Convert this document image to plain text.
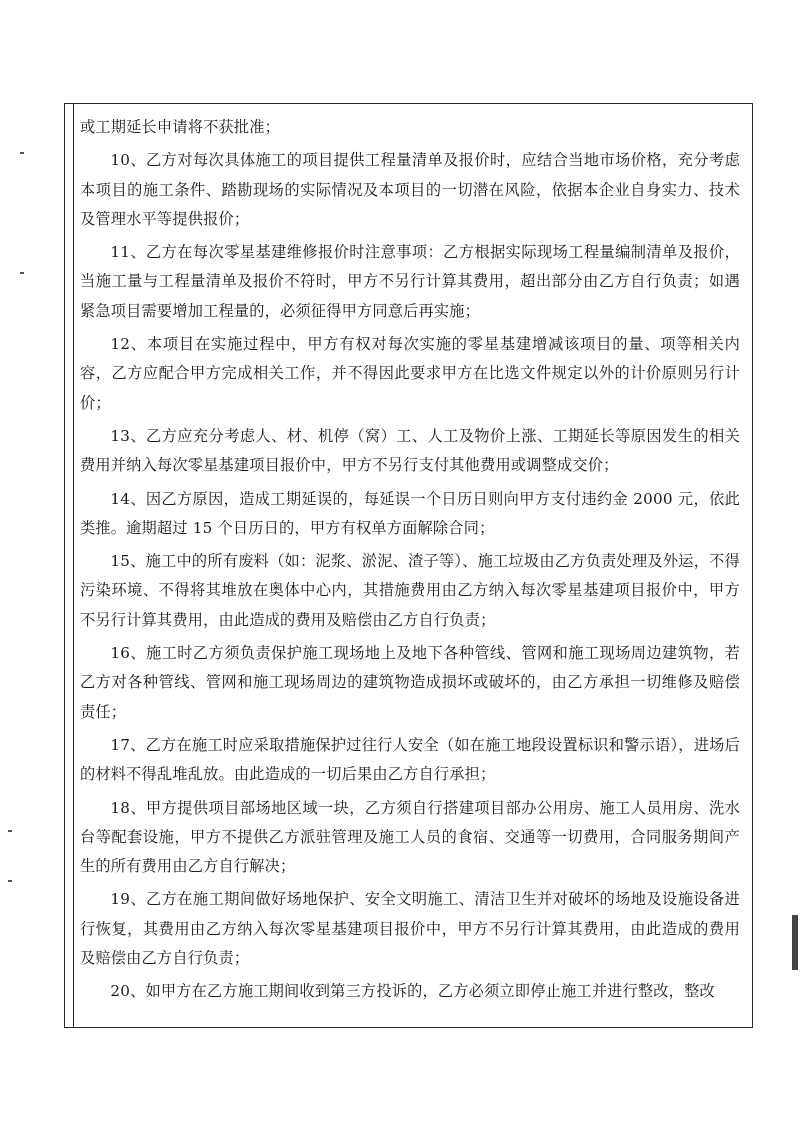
或工期延长申请将不获批准；

10、乙方对每次具体施工的项目提供工程量清单及报价时，应结合当地市场价格，充分考虑本项目的施工条件、踏勘现场的实际情况及本项目的一切潜在风险，依据本企业自身实力、技术及管理水平等提供报价；

11、乙方在每次零星基建维修报价时注意事项：乙方根据实际现场工程量编制清单及报价，当施工量与工程量清单及报价不符时，甲方不另行计算其费用，超出部分由乙方自行负责；如遇紧急项目需要增加工程量的，必须征得甲方同意后再实施；

12、本项目在实施过程中，甲方有权对每次实施的零星基建增减该项目的量、项等相关内容，乙方应配合甲方完成相关工作，并不得因此要求甲方在比选文件规定以外的计价原则另行计价；

13、乙方应充分考虑人、材、机停（窝）工、人工及物价上涨、工期延长等原因发生的相关费用并纳入每次零星基建项目报价中，甲方不另行支付其他费用或调整成交价；

14、因乙方原因，造成工期延误的，每延误一个日历日则向甲方支付违约金 2000 元，依此类推。逾期超过 15 个日历日的，甲方有权单方面解除合同；

15、施工中的所有废料（如：泥浆、淤泥、渣子等）、施工垃圾由乙方负责处理及外运，不得污染环境、不得将其堆放在奥体中心内，其措施费用由乙方纳入每次零星基建项目报价中，甲方不另行计算其费用，由此造成的费用及赔偿由乙方自行负责；

16、施工时乙方须负责保护施工现场地上及地下各种管线、管网和施工现场周边建筑物，若乙方对各种管线、管网和施工现场周边的建筑物造成损坏或破坏的，由乙方承担一切维修及赔偿责任；

17、乙方在施工时应采取措施保护过往行人安全（如在施工地段设置标识和警示语），进场后的材料不得乱堆乱放。由此造成的一切后果由乙方自行承担；

18、甲方提供项目部场地区域一块，乙方须自行搭建项目部办公用房、施工人员用房、洗水台等配套设施，甲方不提供乙方派驻管理及施工人员的食宿、交通等一切费用，合同服务期间产生的所有费用由乙方自行解决；

19、乙方在施工期间做好场地保护、安全文明施工、清洁卫生并对破坏的场地及设施设备进行恢复，其费用由乙方纳入每次零星基建项目报价中，甲方不另行计算其费用，由此造成的费用及赔偿由乙方自行负责；

20、如甲方在乙方施工期间收到第三方投诉的，乙方必须立即停止施工并进行整改，整改
